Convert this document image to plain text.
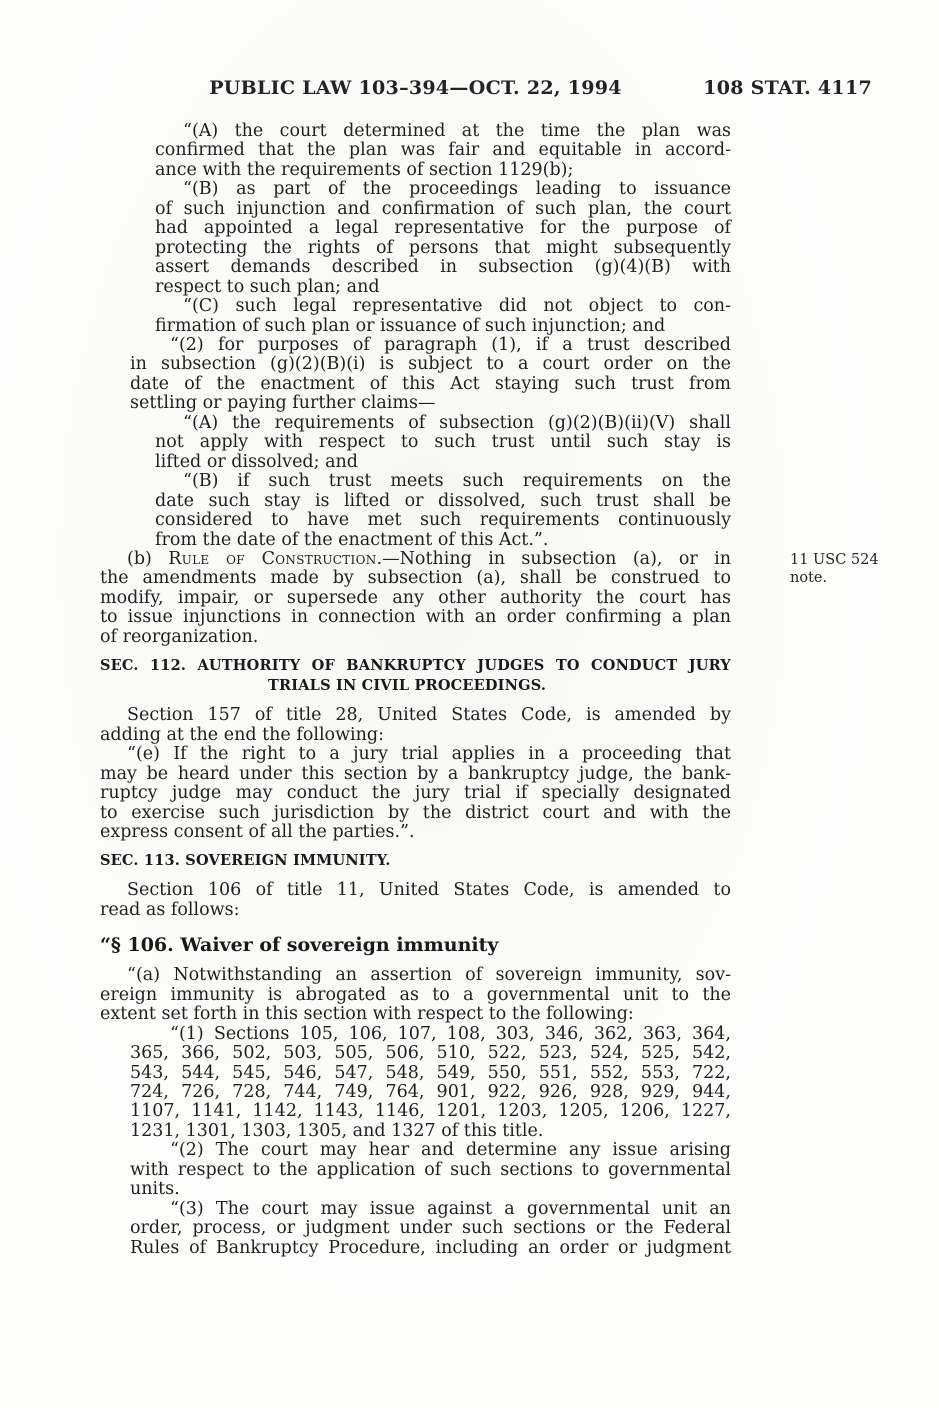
PUBLIC LAW 103–394—OCT. 22, 1994	108 STAT. 4117
11 USC 524
note.
“(A) the court determined at the time the plan was
confirmed that the plan was fair and equitable in accord-
ance with the requirements of section 1129(b);
“(B) as part of the proceedings leading to issuance
of such injunction and confirmation of such plan, the court
had appointed a legal representative for the purpose of
protecting the rights of persons that might subsequently
assert demands described in subsection (g)(4)(B) with
respect to such plan; and
“(C) such legal representative did not object to con-
firmation of such plan or issuance of such injunction; and
“(2) for purposes of paragraph (1), if a trust described
in subsection (g)(2)(B)(i) is subject to a court order on the
date of the enactment of this Act staying such trust from
settling or paying further claims—
“(A) the requirements of subsection (g)(2)(B)(ii)(V) shall
not apply with respect to such trust until such stay is
lifted or dissolved; and
“(B) if such trust meets such requirements on the
date such stay is lifted or dissolved, such trust shall be
considered to have met such requirements continuously
from the date of the enactment of this Act.”.
(b) Rule of Construction.—Nothing in subsection (a), or in
the amendments made by subsection (a), shall be construed to
modify, impair, or supersede any other authority the court has
to issue injunctions in connection with an order confirming a plan
of reorganization.
SEC. 112. AUTHORITY OF BANKRUPTCY JUDGES TO CONDUCT JURY
TRIALS IN CIVIL PROCEEDINGS.
Section 157 of title 28, United States Code, is amended by
adding at the end the following:
“(e) If the right to a jury trial applies in a proceeding that
may be heard under this section by a bankruptcy judge, the bank-
ruptcy judge may conduct the jury trial if specially designated
to exercise such jurisdiction by the district court and with the
express consent of all the parties.”.
SEC. 113. SOVEREIGN IMMUNITY.
Section 106 of title 11, United States Code, is amended to
read as follows:
“§ 106. Waiver of sovereign immunity
“(a) Notwithstanding an assertion of sovereign immunity, sov-
ereign immunity is abrogated as to a governmental unit to the
extent set forth in this section with respect to the following:
“(1) Sections 105, 106, 107, 108, 303, 346, 362, 363, 364,
365, 366, 502, 503, 505, 506, 510, 522, 523, 524, 525, 542,
543, 544, 545, 546, 547, 548, 549, 550, 551, 552, 553, 722,
724, 726, 728, 744, 749, 764, 901, 922, 926, 928, 929, 944,
1107, 1141, 1142, 1143, 1146, 1201, 1203, 1205, 1206, 1227,
1231, 1301, 1303, 1305, and 1327 of this title.
“(2) The court may hear and determine any issue arising
with respect to the application of such sections to governmental
units.
“(3) The court may issue against a governmental unit an
order, process, or judgment under such sections or the Federal
Rules of Bankruptcy Procedure, including an order or judgment
